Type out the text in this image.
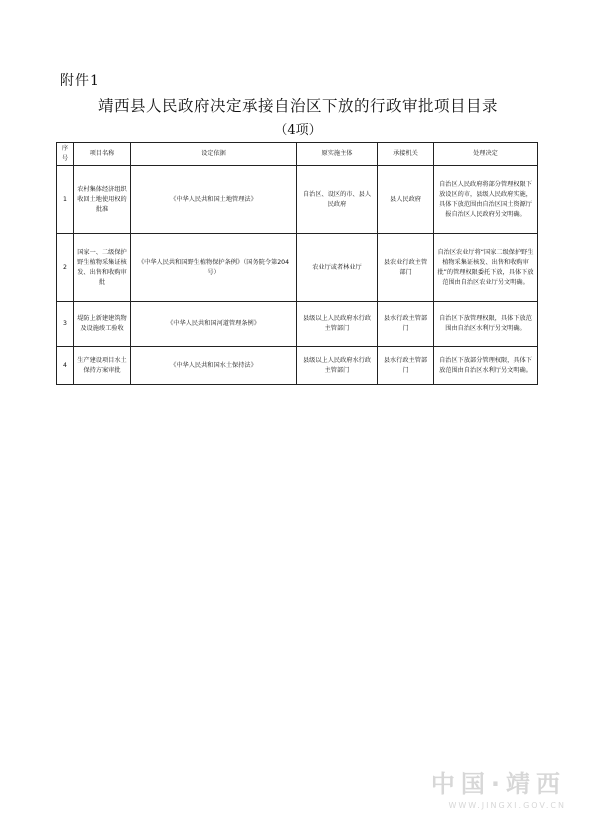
附件1
靖西县人民政府决定承接自治区下放的行政审批项目目录
（4项）
序号	项目名称	设定依据	原实施主体	承接机关	处理决定
1	农村集体经济组织收回土地使用权的批准	《中华人民共和国土地管理法》	自治区、设区的市、县人民政府	县人民政府	自治区人民政府将部分管理权限下放设区的市，县级人民政府实施，具体下放范围由自治区国土资源厅报自治区人民政府另文明确。
2	国家一、二级保护野生植物采集证核发、出售和收购审批	《中华人民共和国野生植物保护条例》（国务院令第204号）	农业厅或者林业厅	县农业行政主管部门	自治区农业厅将“国家二级保护野生植物采集证核发、出售和收购审批”的管理权限委托下放，具体下放范围由自治区农业厅另文明确。
3	堤防上新建建筑物及设施竣工验收	《中华人民共和国河道管理条例》	县级以上人民政府水行政主管部门	县水行政主管部门	自治区下放管理权限，具体下放范围由自治区水利厅另文明确。
4	生产建设项目水土保持方案审批	《中华人民共和国水土保持法》	县级以上人民政府水行政主管部门	县水行政主管部门	自治区下放部分管理权限，具体下放范围由自治区水利厅另文明确。
中国·靖西
WWW.JINGXI.GOV.CN
